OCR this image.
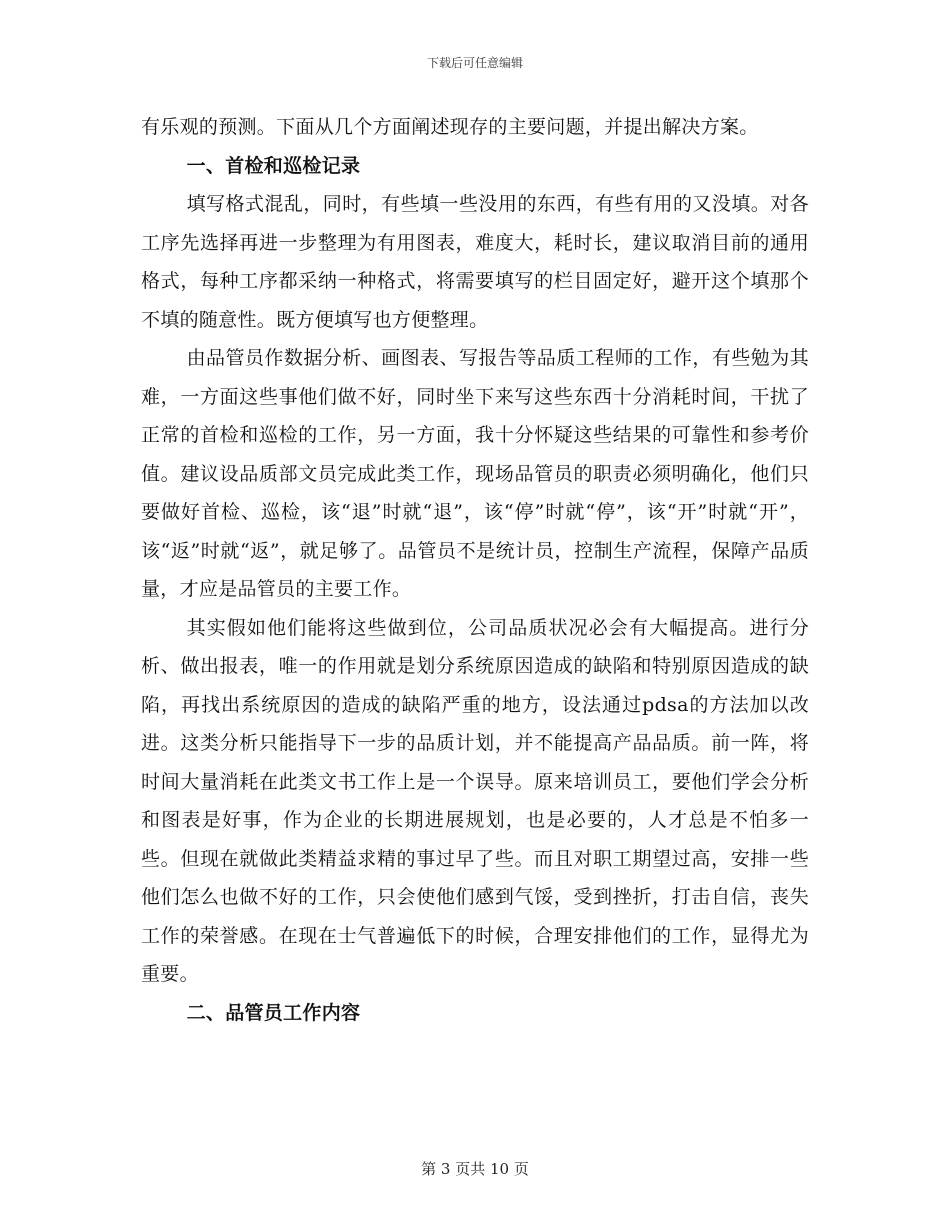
下载后可任意编辑

有乐观的预测。下面从几个方面阐述现存的主要问题，并提出解决方案。

一、首检和巡检记录

填写格式混乱，同时，有些填一些没用的东西，有些有用的又没填。对各工序先选择再进一步整理为有用图表，难度大，耗时长，建议取消目前的通用格式，每种工序都采纳一种格式，将需要填写的栏目固定好，避开这个填那个不填的随意性。既方便填写也方便整理。

由品管员作数据分析、画图表、写报告等品质工程师的工作，有些勉为其难，一方面这些事他们做不好，同时坐下来写这些东西十分消耗时间，干扰了正常的首检和巡检的工作，另一方面，我十分怀疑这些结果的可靠性和参考价值。建议设品质部文员完成此类工作，现场品管员的职责必须明确化，他们只要做好首检、巡检，该“退”时就“退”，该“停”时就“停”，该“开”时就“开”，该“返”时就“返”，就足够了。品管员不是统计员，控制生产流程，保障产品质量，才应是品管员的主要工作。

其实假如他们能将这些做到位，公司品质状况必会有大幅提高。进行分析、做出报表，唯一的作用就是划分系统原因造成的缺陷和特别原因造成的缺陷，再找出系统原因的造成的缺陷严重的地方，设法通过pdsa的方法加以改进。这类分析只能指导下一步的品质计划，并不能提高产品品质。前一阵，将时间大量消耗在此类文书工作上是一个误导。原来培训员工，要他们学会分析和图表是好事，作为企业的长期进展规划，也是必要的，人才总是不怕多一些。但现在就做此类精益求精的事过早了些。而且对职工期望过高，安排一些他们怎么也做不好的工作，只会使他们感到气馁，受到挫折，打击自信，丧失工作的荣誉感。在现在士气普遍低下的时候，合理安排他们的工作，显得尤为重要。

二、品管员工作内容

第 3 页共 10 页
